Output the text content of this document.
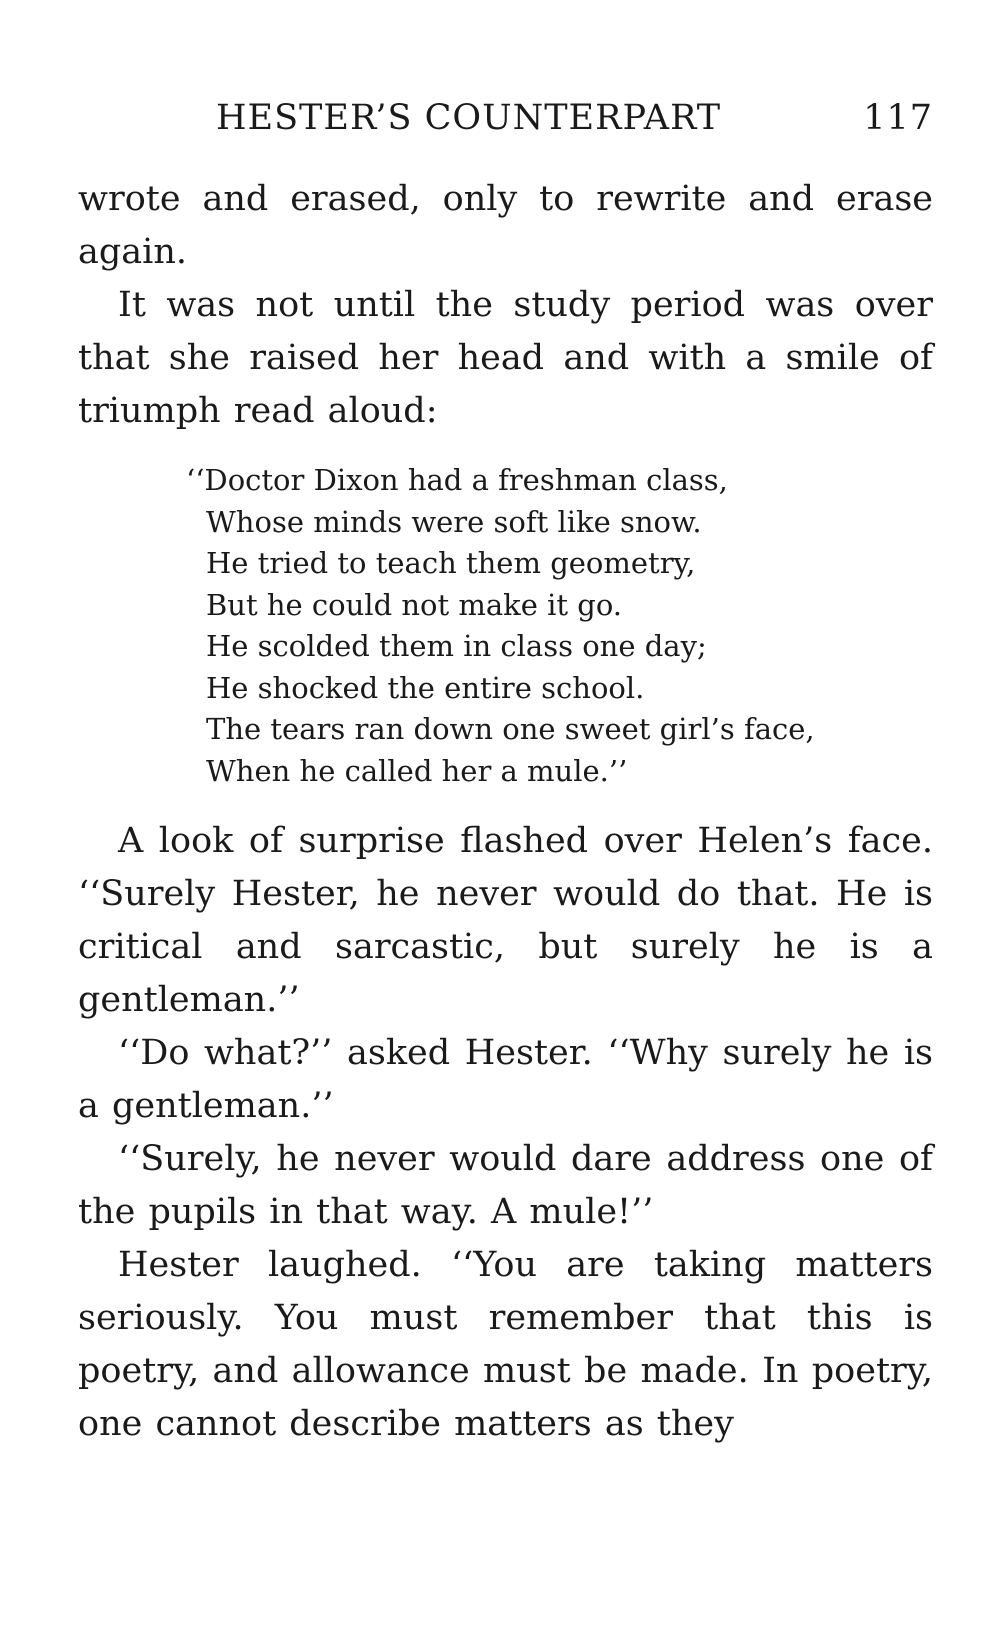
HESTER’S COUNTERPART	117

wrote and erased, only to rewrite and erase again.

It was not until the study period was over that she raised her head and with a smile of triumph read aloud:

‘‘Doctor Dixon had a freshman class,
Whose minds were soft like snow.
He tried to teach them geometry,
But he could not make it go.
He scolded them in class one day;
He shocked the entire school.
The tears ran down one sweet girl’s face,
When he called her a mule.’’

A look of surprise flashed over Helen’s face. ‘‘Surely Hester, he never would do that. He is critical and sarcastic, but surely he is a gentleman.’’

‘‘Do what?’’ asked Hester. ‘‘Why surely he is a gentleman.’’

‘‘Surely, he never would dare address one of the pupils in that way. A mule!’’

Hester laughed. ‘‘You are taking matters seriously. You must remember that this is poetry, and allowance must be made. In poetry, one cannot describe matters as they
